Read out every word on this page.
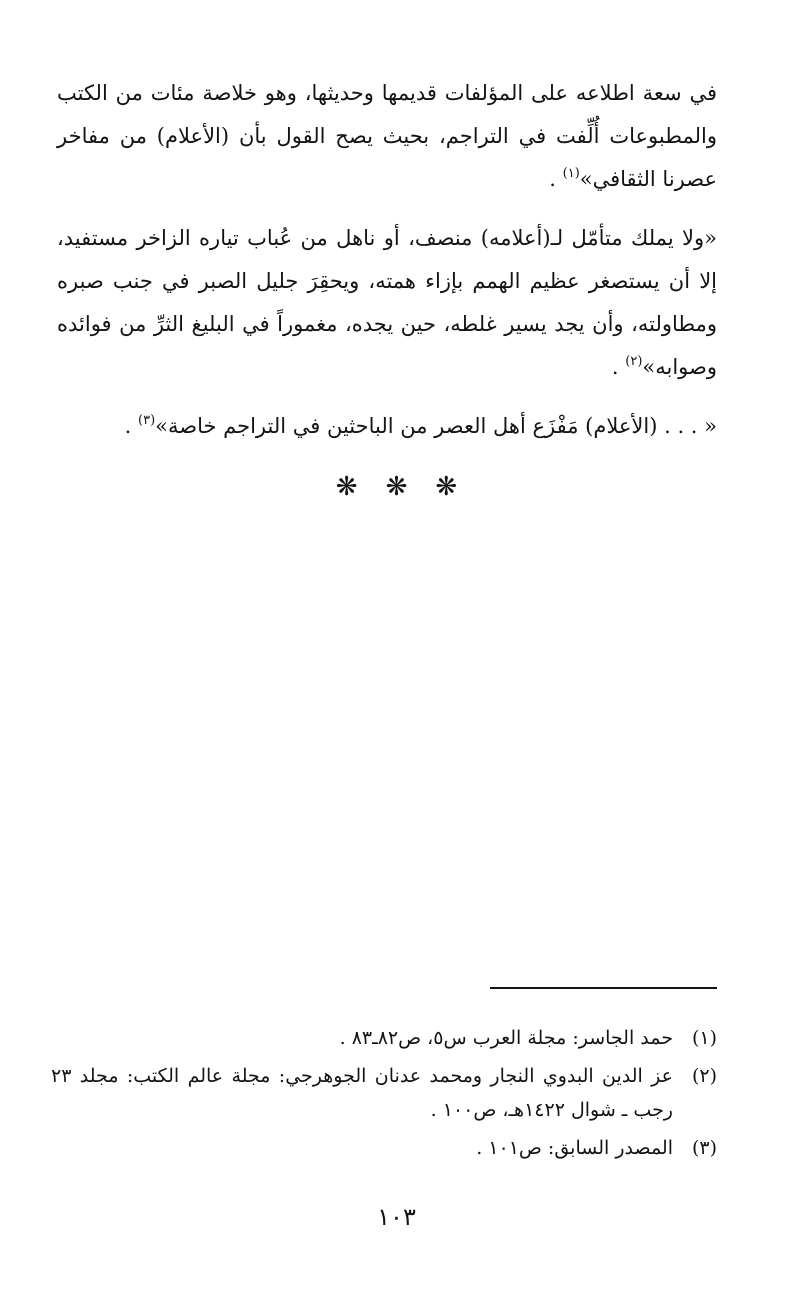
في سعة اطلاعه على المؤلفات قديمها وحديثها، وهو خلاصة مئات من الكتب والمطبوعات أُلِّفت في التراجم، بحيث يصح القول بأن (الأعلام) من مفاخر عصرنا الثقافي»$^{(١)}$ .

«ولا يملك متأمّل لـ(أعلامه) منصف، أو ناهل من عُباب تياره الزاخر مستفيد، إلا أن يستصغر عظيم الهمم بإزاء همته، ويحقِرَ جليل الصبر في جنب صبره ومطاولته، وأن يجد يسير غلطه، حين يجده، مغموراً في البليغ الثرِّ من فوائده وصوابه»$^{(٢)}$ .

« . . . (الأعلام) مَفْزَع أهل العصر من الباحثين في التراجم خاصة»$^{(٣)}$ .

❋ ❋ ❋
(١)
حمد الجاسر: مجلة العرب س٥، ص٨٢ـ٨٣ .
(٢)
عز الدين البدوي النجار ومحمد عدنان الجوهرجي: مجلة عالم الكتب: مجلد ٢٣ رجب ـ شوال ١٤٢٢هـ، ص١٠٠ .
(٣)
المصدر السابق: ص١٠١ .
١٠٣
